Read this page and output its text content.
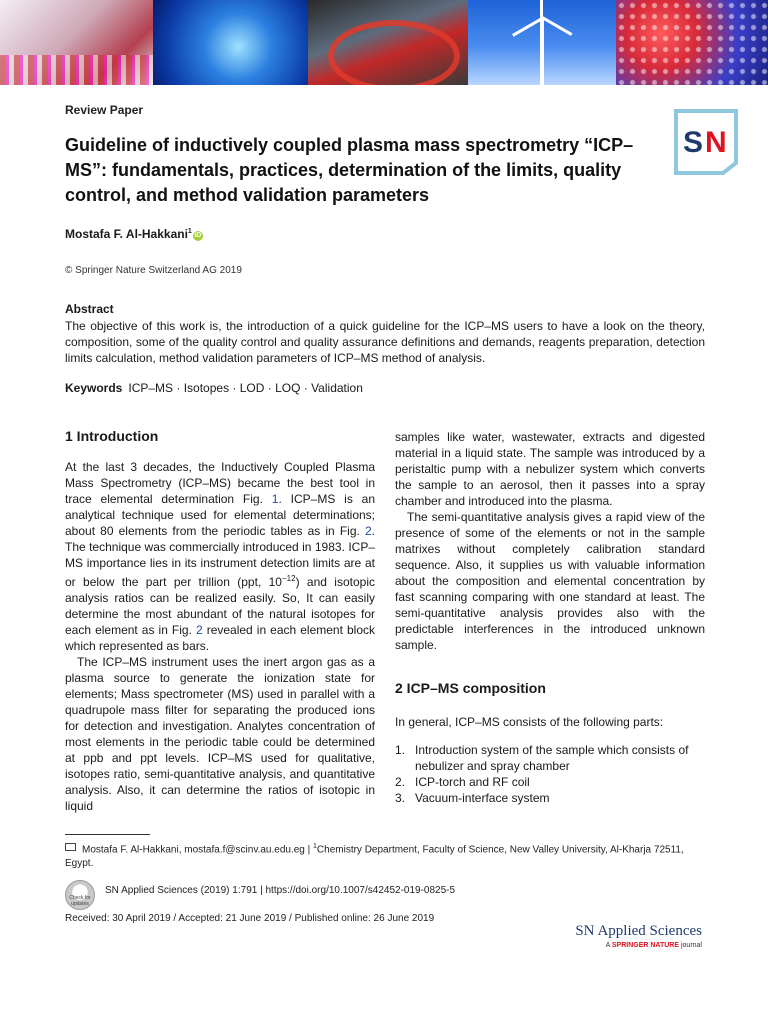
Review Paper
Guideline of inductively coupled plasma mass spectrometry “ICP–MS”: fundamentals, practices, determination of the limits, quality control, and method validation parameters
S N
Mostafa F. Al-Hakkani$^1$iD
© Springer Nature Switzerland AG 2019
Abstract

The objective of this work is, the introduction of a quick guideline for the ICP–MS users to have a look on the theory, composition, some of the quality control and quality assurance definitions and demands, reagents preparation, detection limits calculation, method validation parameters of ICP–MS method of analysis.

Keywords ICP–MS · Isotopes · LOD · LOQ · Validation
1 Introduction

At the last 3 decades, the Inductively Coupled Plasma Mass Spectrometry (ICP–MS) became the best tool in trace elemental determination Fig. 1. ICP–MS is an analytical technique used for elemental determinations; about 80 elements from the periodic tables as in Fig. 2. The technique was commercially introduced in 1983. ICP–MS importance lies in its instrument detection limits are at or below the part per trillion (ppt, $10^{-12}$) and isotopic analysis ratios can be realized easily. So, It can easily determine the most abundant of the natural isotopes for each element as in Fig. 2 revealed in each element block which represented as bars.

The ICP–MS instrument uses the inert argon gas as a plasma source to generate the ionization state for elements; Mass spectrometer (MS) used in parallel with a quadrupole mass filter for separating the produced ions for detection and investigation. Analytes concentration of most elements in the periodic table could be determined at ppb and ppt levels. ICP–MS used for qualitative, isotopes ratio, semi-quantitative analysis, and quantitative analysis. Also, it can determine the ratios of isotopic in liquid

samples like water, wastewater, extracts and digested material in a liquid state. The sample was introduced by a peristaltic pump with a nebulizer system which converts the sample to an aerosol, then it passes into a spray chamber and introduced into the plasma.

The semi-quantitative analysis gives a rapid view of the presence of some of the elements or not in the sample matrixes without completely calibration standard sequence. Also, it supplies us with valuable information about the composition and elemental concentration by fast scanning comparing with one standard at least. The semi-quantitative analysis provides also with the predictable interferences in the introduced unknown sample.

2 ICP–MS composition

In general, ICP–MS consists of the following parts:

1. Introduction system of the sample which consists of nebulizer and spray chamber
2. ICP-torch and RF coil
3. Vacuum-interface system
Mostafa F. Al-Hakkani, mostafa.f@scinv.au.edu.eg | $^1$Chemistry Department, Faculty of Science, New Valley University, Al-Kharja 72511, Egypt.
Check for updates
SN Applied Sciences (2019) 1:791 | https://doi.org/10.1007/s42452-019-0825-5
Received: 30 April 2019 / Accepted: 21 June 2019 / Published online: 26 June 2019
SN Applied Sciences
A SPRINGER NATURE journal
